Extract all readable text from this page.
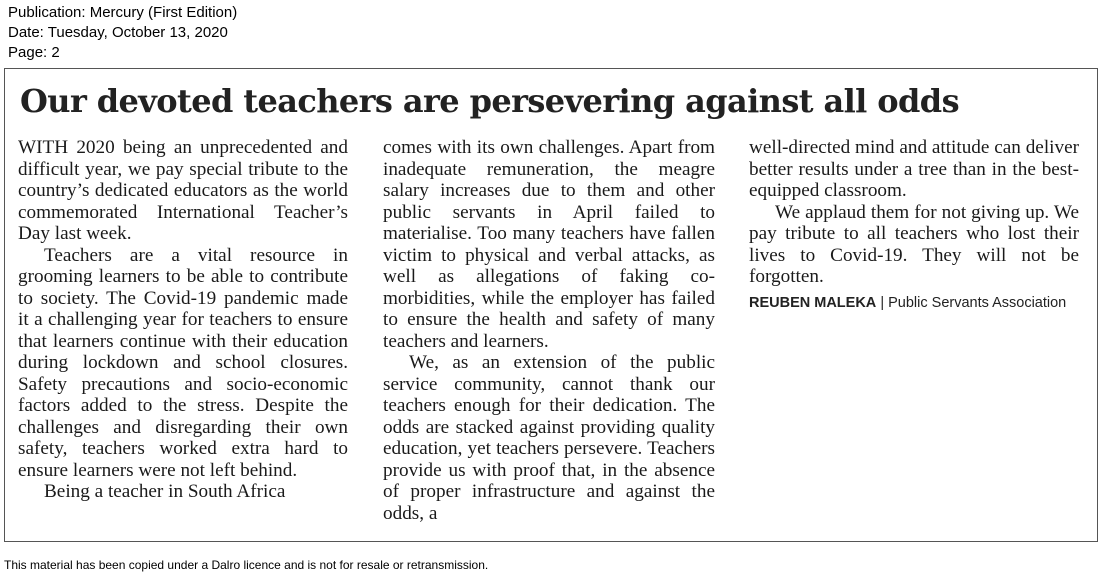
Publication: Mercury (First Edition)
Date: Tuesday, October 13, 2020
Page: 2
Our devoted teachers are persevering against all odds

WITH 2020 being an unprecedented and difficult year, we pay special tribute to the country’s dedicated educators as the world commemorated International Teacher’s Day last week.

Teachers are a vital resource in grooming learners to be able to contribute to society. The Covid-19 pandemic made it a challenging year for teachers to ensure that learners continue with their education during lockdown and school closures. Safety precautions and socio-economic factors added to the stress. Despite the challenges and disregarding their own safety, teachers worked extra hard to ensure learners were not left behind.

Being a teacher in South Africa

comes with its own challenges. Apart from inadequate remuneration, the meagre salary increases due to them and other public servants in April failed to materialise. Too many teachers have fallen victim to physical and verbal attacks, as well as allegations of faking co-morbidities, while the employer has failed to ensure the health and safety of many teachers and learners.

We, as an extension of the public service community, cannot thank our teachers enough for their dedication. The odds are stacked against providing quality education, yet teachers persevere. Teachers provide us with proof that, in the absence of proper infrastructure and against the odds, a

well-directed mind and attitude can deliver better results under a tree than in the best-equipped classroom.

We applaud them for not giving up. We pay tribute to all teachers who lost their lives to Covid-19. They will not be forgotten.

REUBEN MALEKA | Public Servants Association
This material has been copied under a Dalro licence and is not for resale or retransmission.
